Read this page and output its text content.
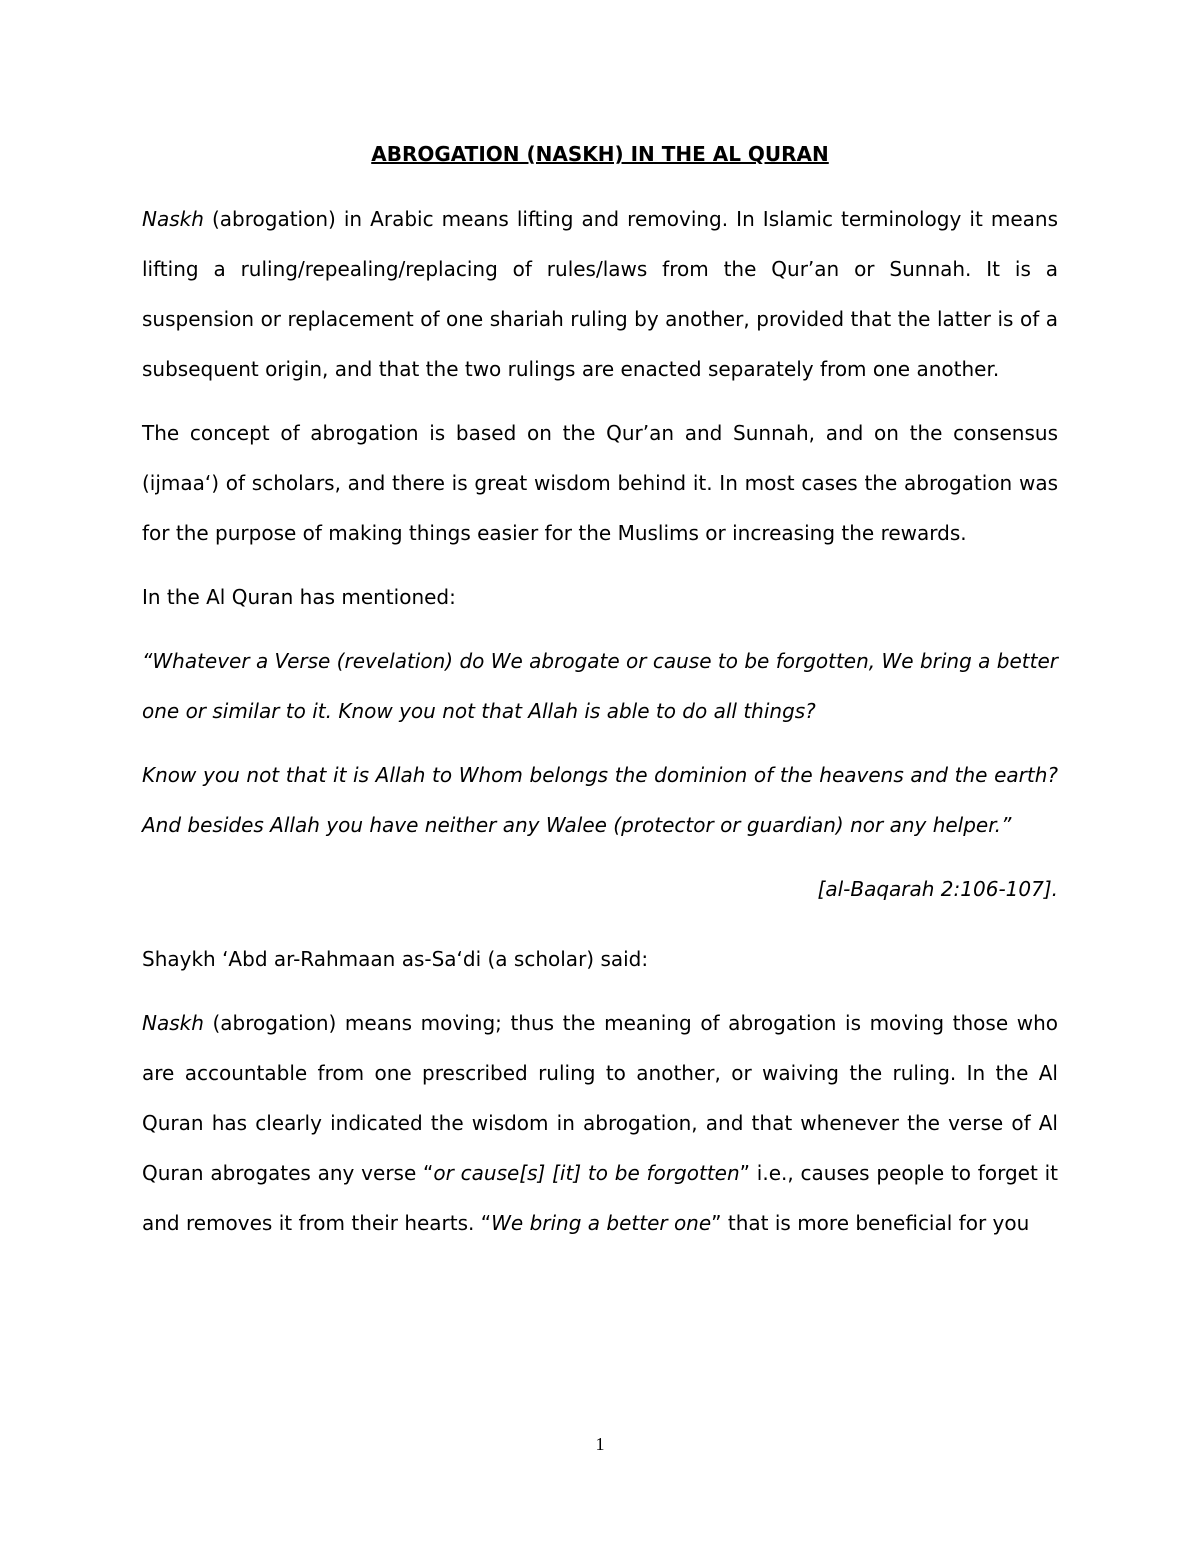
ABROGATION (NASKH) IN THE AL QURAN

Naskh (abrogation) in Arabic means lifting and removing. In Islamic terminology it means lifting a ruling/repealing/replacing of rules/laws from the Qur’an or Sunnah. It is a suspension or replacement of one shariah ruling by another, provided that the latter is of a subsequent origin, and that the two rulings are enacted separately from one another.

The concept of abrogation is based on the Qur’an and Sunnah, and on the consensus (ijmaa‘) of scholars, and there is great wisdom behind it. In most cases the abrogation was for the purpose of making things easier for the Muslims or increasing the rewards.

In the Al Quran has mentioned:

“Whatever a Verse (revelation) do We abrogate or cause to be forgotten, We bring a better one or similar to it. Know you not that Allah is able to do all things?

Know you not that it is Allah to Whom belongs the dominion of the heavens and the earth? And besides Allah you have neither any Walee (protector or guardian) nor any helper.”

[al-Baqarah 2:106-107].

Shaykh ‘Abd ar-Rahmaan as-Sa‘di (a scholar) said:

Naskh (abrogation) means moving; thus the meaning of abrogation is moving those who are accountable from one prescribed ruling to another, or waiving the ruling. In the Al Quran has clearly indicated the wisdom in abrogation, and that whenever the verse of Al Quran abrogates any verse “or cause[s] [it] to be forgotten” i.e., causes people to forget it and removes it from their hearts. “We bring a better one” that is more beneficial for you

1
